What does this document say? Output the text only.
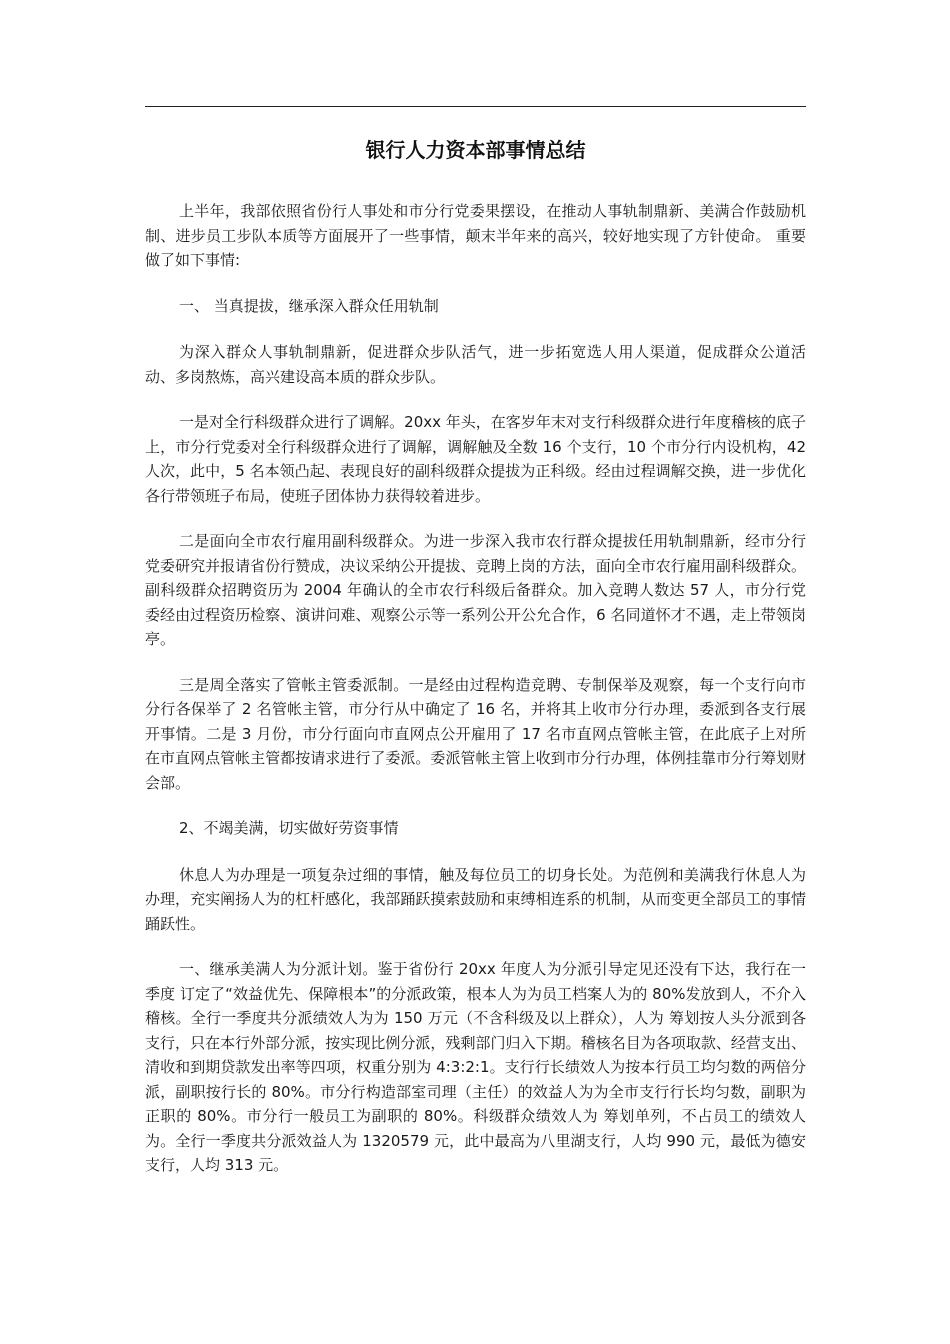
银行人力资本部事情总结

上半年，我部依照省份行人事处和市分行党委果摆设，在推动人事轨制鼎新、美满合作鼓励机制、进步员工步队本质等方面展开了一些事情，颠末半年来的高兴，较好地实现了方针使命。 重要做了如下事情:

一、 当真提拔，继承深入群众任用轨制

为深入群众人事轨制鼎新，促进群众步队活气，进一步拓宽选人用人渠道，促成群众公道活动、多岗熬炼，高兴建设高本质的群众步队。

一是对全行科级群众进行了调解。20xx 年头，在客岁年末对支行科级群众进行年度稽核的底子上，市分行党委对全行科级群众进行了调解，调解触及全数 16 个支行，10 个市分行内设机构，42 人次，此中，5 名本领凸起、表现良好的副科级群众提拔为正科级。经由过程调解交换，进一步优化各行带领班子布局，使班子团体协力获得较着进步。

二是面向全市农行雇用副科级群众。为进一步深入我市农行群众提拔任用轨制鼎新，经市分行党委研究并报请省份行赞成，决议采纳公开提拔、竞聘上岗的方法，面向全市农行雇用副科级群众。副科级群众招聘资历为 2004 年确认的全市农行科级后备群众。加入竞聘人数达 57 人，市分行党委经由过程资历检察、演讲问难、观察公示等一系列公开公允合作，6 名同道怀才不遇，走上带领岗亭。

三是周全落实了管帐主管委派制。一是经由过程构造竞聘、专制保举及观察，每一个支行向市分行各保举了 2 名管帐主管，市分行从中确定了 16 名，并将其上收市分行办理，委派到各支行展开事情。二是 3 月份，市分行面向市直网点公开雇用了 17 名市直网点管帐主管，在此底子上对所在市直网点管帐主管都按请求进行了委派。委派管帐主管上收到市分行办理，体例挂靠市分行筹划财会部。

2、不竭美满，切实做好劳资事情

休息人为办理是一项复杂过细的事情，触及每位员工的切身长处。为范例和美满我行休息人为办理，充实阐扬人为的杠杆感化，我部踊跃摸索鼓励和束缚相连系的机制，从而变更全部员工的事情踊跃性。

一、继承美满人为分派计划。鉴于省份行 20xx 年度人为分派引导定见还没有下达，我行在一季度 订定了“效益优先、保障根本”的分派政策，根本人为为员工档案人为的 80%发放到人，不介入稽核。全行一季度共分派绩效人为为 150 万元（不含科级及以上群众），人为 筹划按人头分派到各支行，只在本行外部分派，按实现比例分派，残剩部门归入下期。稽核名目为各项取款、经营支出、清收和到期贷款发出率等四项，权重分别为 4:3:2:1。支行行长绩效人为按本行员工均匀数的两倍分派，副职按行长的 80%。市分行构造部室司理（主任）的效益人为为全市支行行长均匀数，副职为正职的 80%。市分行一般员工为副职的 80%。科级群众绩效人为 筹划单列，不占员工的绩效人为。全行一季度共分派效益人为 1320579 元，此中最高为八里湖支行，人均 990 元，最低为德安支行，人均 313 元。
